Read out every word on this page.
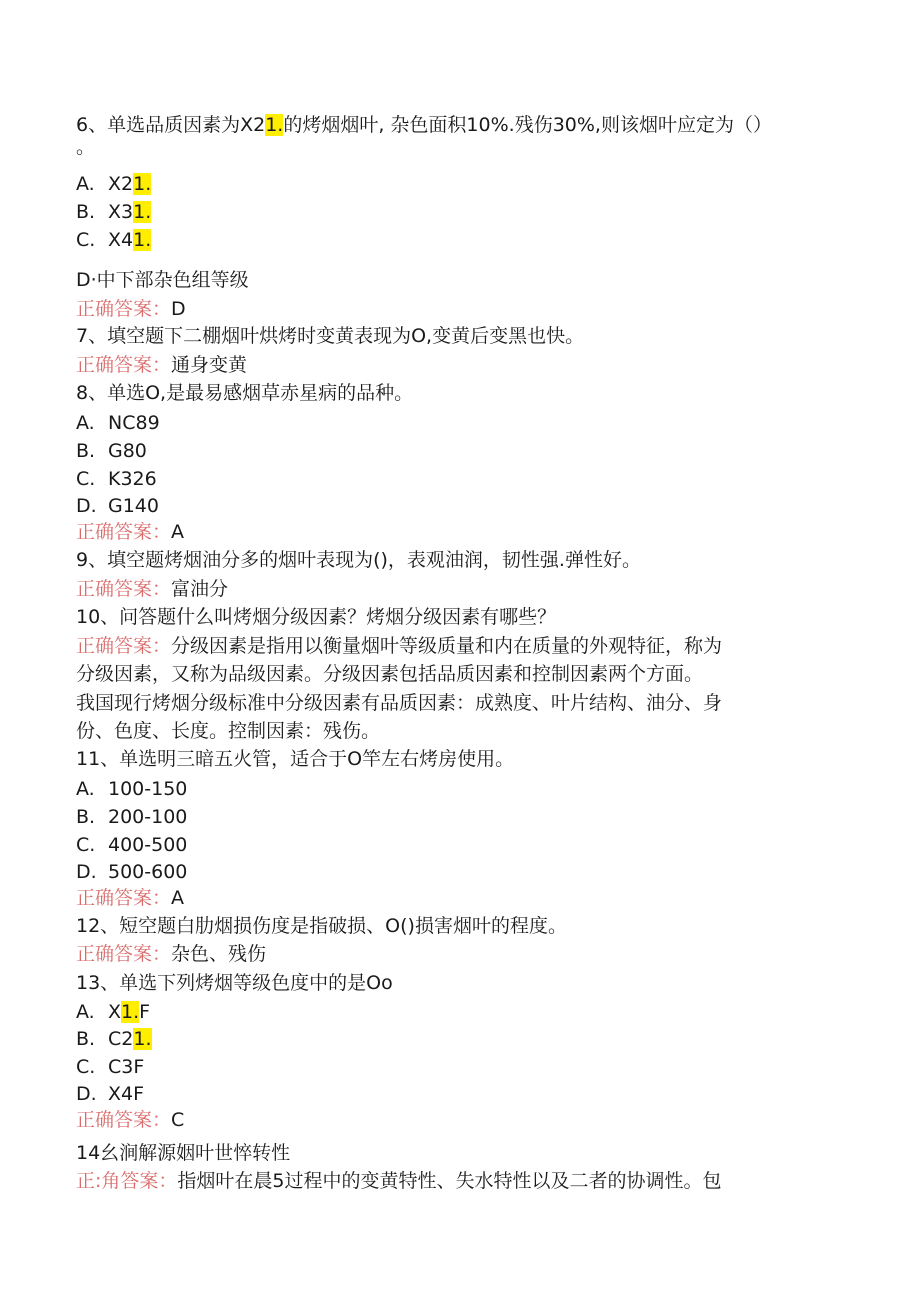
6、单选品质因素为X21.的烤烟烟叶, 杂色面积10%.残伤30%,则该烟叶应定为（）
。
A. X21.
B. X31.
C. X41.
D·中下部杂色组等级
正确答案：D
7、填空题下二棚烟叶烘烤时变黄表现为O,变黄后变黑也快。
正确答案：通身变黄
8、单选O,是最易感烟草赤星病的品种。
A. NC89
B. G80
C. K326
D. G140
正确答案：A
9、填空题烤烟油分多的烟叶表现为()，表观油润，韧性强.弹性好。
正确答案：富油分
10、问答题什么叫烤烟分级因素？烤烟分级因素有哪些？
正确答案：分级因素是指用以衡量烟叶等级质量和内在质量的外观特征，称为
分级因素，又称为品级因素。分级因素包括品质因素和控制因素两个方面。
我国现行烤烟分级标准中分级因素有品质因素：成熟度、叶片结构、油分、身
份、色度、长度。控制因素：残伤。
11、单选明三暗五火管，适合于O竿左右烤房使用。
A. 100-150
B. 200-100
C. 400-500
D. 500-600
正确答案：A
12、短空题白肋烟损伤度是指破损、O()损害烟叶的程度。
正确答案：杂色、残伤
13、单选下列烤烟等级色度中的是Oo
A. X1.F
B. C21.
C. C3F
D. X4F
正确答案：C
14幺涧解源姻叶世悴转性
正:角答案：指烟叶在晨5过程中的变黄特性、失水特性以及二者的协调性。包
